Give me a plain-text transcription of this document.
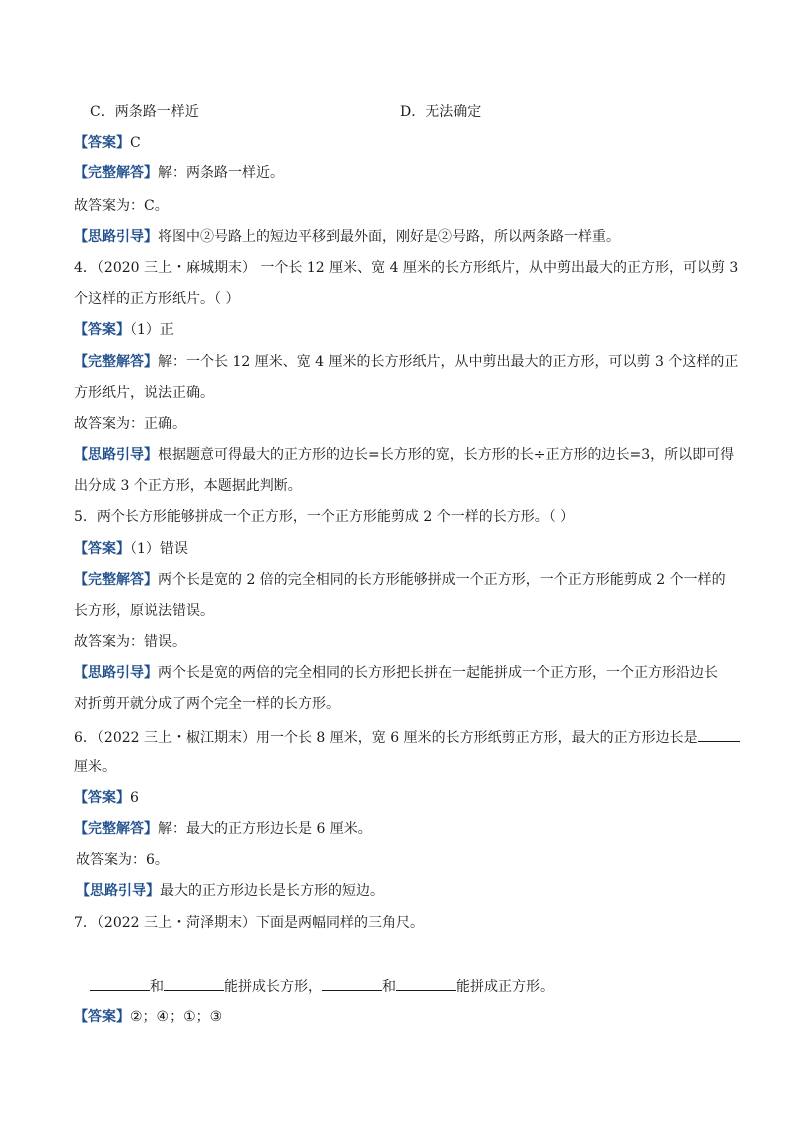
C．两条路一样近	D．无法确定
【答案】C
【完整解答】解：两条路一样近。
故答案为：C。
【思路引导】将图中②号路上的短边平移到最外面，刚好是②号路，所以两条路一样重。
4．（2020 三上・麻城期末） 一个长 12 厘米、宽 4 厘米的长方形纸片，从中剪出最大的正方形，可以剪 3
个这样的正方形纸片。（ ）
【答案】（1）正
【完整解答】解：一个长 12 厘米、宽 4 厘米的长方形纸片，从中剪出最大的正方形，可以剪 3 个这样的正
方形纸片，说法正确。
故答案为：正确。
【思路引导】根据题意可得最大的正方形的边长=长方形的宽，长方形的长÷正方形的边长=3，所以即可得
出分成 3 个正方形，本题据此判断。
5．两个长方形能够拼成一个正方形，一个正方形能剪成 2 个一样的长方形。（ ）
【答案】（1）错误
【完整解答】两个长是宽的 2 倍的完全相同的长方形能够拼成一个正方形，一个正方形能剪成 2 个一样的
长方形，原说法错误。
故答案为：错误。
【思路引导】两个长是宽的两倍的完全相同的长方形把长拼在一起能拼成一个正方形，一个正方形沿边长
对折剪开就分成了两个完全一样的长方形。
6．（2022 三上・椒江期末）用一个长 8 厘米，宽 6 厘米的长方形纸剪正方形，最大的正方形边长是
厘米。
【答案】6
【完整解答】解：最大的正方形边长是 6 厘米。
故答案为：6。
【思路引导】最大的正方形边长是长方形的短边。
7．（2022 三上・菏泽期末）下面是两幅同样的三角尺。
和	能拼成长方形，	和	能拼成正方形。
【答案】②；④；①；③
